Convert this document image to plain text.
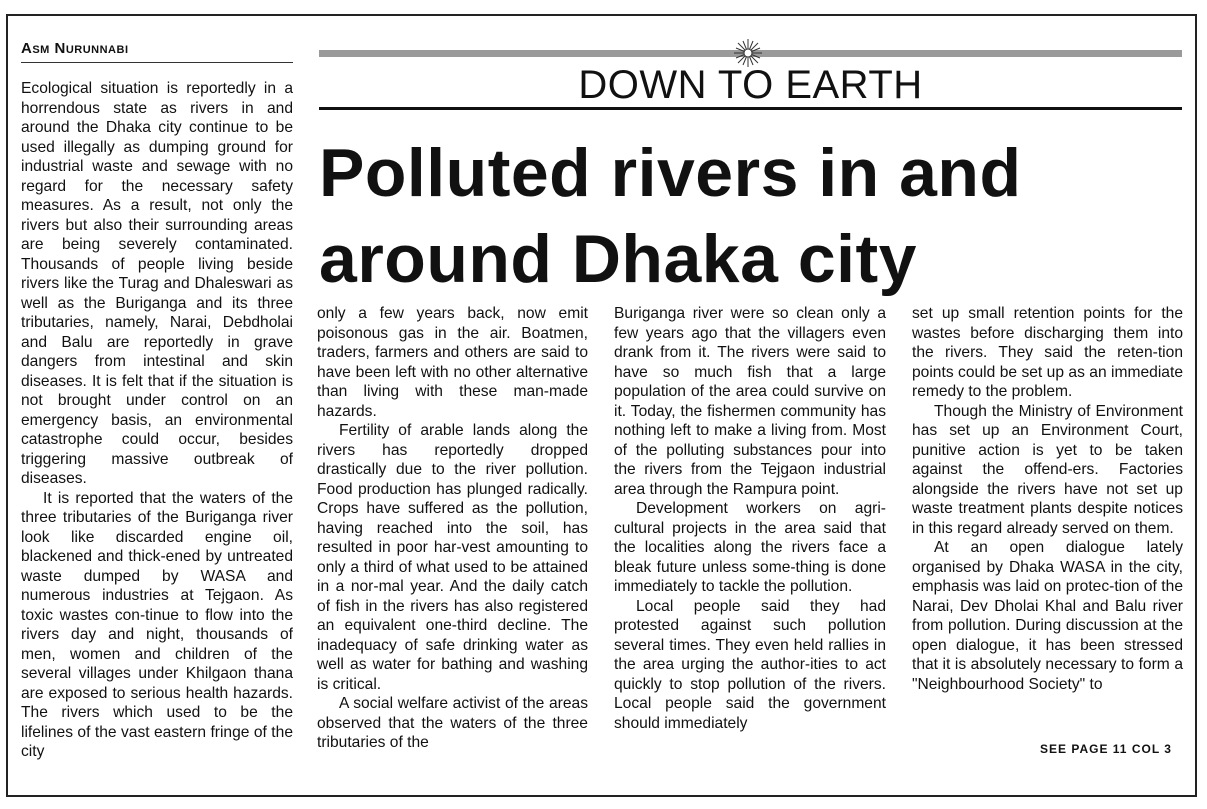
Asm Nurunnabi
DOWN TO EARTH
Polluted rivers in and
around Dhaka city

Ecological situation is reportedly in a horrendous state as rivers in and around the Dhaka city continue to be used illegally as dumping ground for industrial waste and sewage with no regard for the necessary safety measures. As a result, not only the rivers but also their surrounding areas are being severely contaminated. Thousands of people living beside rivers like the Turag and Dhaleswari as well as the Buriganga and its three tributaries, namely, Narai, Debdholai and Balu are reportedly in grave dangers from intestinal and skin diseases. It is felt that if the situation is not brought under control on an emergency basis, an environmental catastrophe could occur, besides triggering massive outbreak of diseases.

It is reported that the waters of the three tributaries of the Buriganga river look like discarded engine oil, blackened and thick-ened by untreated waste dumped by WASA and numerous industries at Tejgaon. As toxic wastes con-tinue to flow into the rivers day and night, thousands of men, women and children of the several villages under Khilgaon thana are exposed to serious health hazards. The rivers which used to be the lifelines of the vast eastern fringe of the city

only a few years back, now emit poisonous gas in the air. Boatmen, traders, farmers and others are said to have been left with no other alternative than living with these man-made hazards.

Fertility of arable lands along the rivers has reportedly dropped drastically due to the river pollution. Food production has plunged radically. Crops have suffered as the pollution, having reached into the soil, has resulted in poor har-vest amounting to only a third of what used to be attained in a nor-mal year. And the daily catch of fish in the rivers has also registered an equivalent one-third decline. The inadequacy of safe drinking water as well as water for bathing and washing is critical.

A social welfare activist of the areas observed that the waters of the three tributaries of the

Buriganga river were so clean only a few years ago that the villagers even drank from it. The rivers were said to have so much fish that a large population of the area could survive on it. Today, the fishermen community has nothing left to make a living from. Most of the polluting substances pour into the rivers from the Tejgaon industrial area through the Rampura point.

Development workers on agri-cultural projects in the area said that the localities along the rivers face a bleak future unless some-thing is done immediately to tackle the pollution.

Local people said they had protested against such pollution several times. They even held rallies in the area urging the author-ities to act quickly to stop pollution of the rivers. Local people said the government should immediately

set up small retention points for the wastes before discharging them into the rivers. They said the reten-tion points could be set up as an immediate remedy to the problem.

Though the Ministry of Environment has set up an Environment Court, punitive action is yet to be taken against the offend-ers. Factories alongside the rivers have not set up waste treatment plants despite notices in this regard already served on them.

At an open dialogue lately organised by Dhaka WASA in the city, emphasis was laid on protec-tion of the Narai, Dev Dholai Khal and Balu river from pollution. During discussion at the open dialogue, it has been stressed that it is absolutely necessary to form a "Neighbourhood Society" to

SEE PAGE 11 COL 3
